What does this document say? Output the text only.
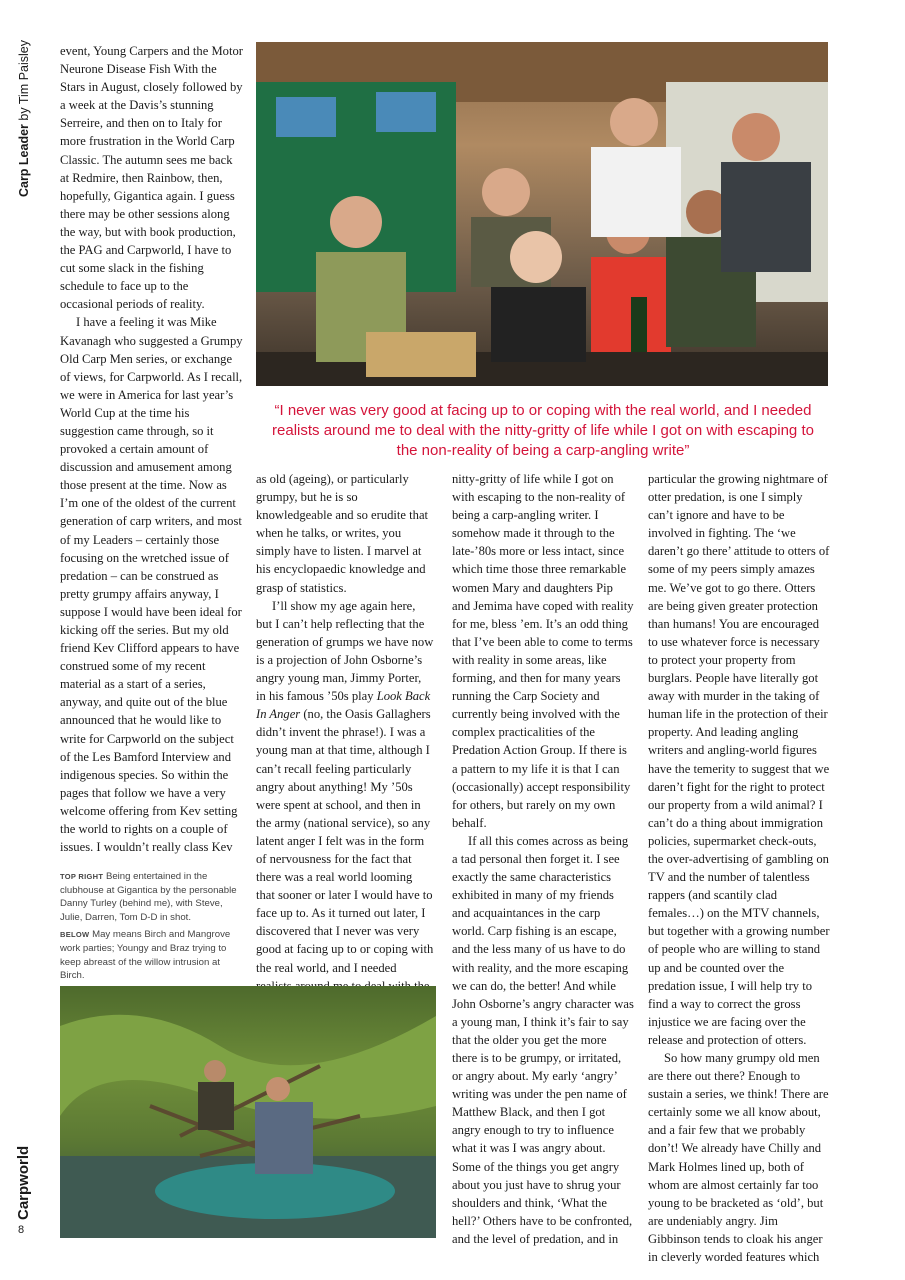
Carp Leader by Tim Paisley event, Young Carpers and the Motor Neurone Disease Fish With the Stars in August, closely followed by a week at the Davis’s stunning Serreire, and then on to Italy for more frustration in the World Carp Classic. The autumn sees me back at Redmire, then Rainbow, then, hopefully, Gigantica again. I guess there may be other sessions along the way, but with book production, the PAG and Carpworld, I have to cut some slack in the fishing schedule to face up to the occasional periods of reality.

I have a feeling it was Mike Kavanagh who suggested a Grumpy Old Carp Men series, or exchange of views, for Carpworld. As I recall, we were in America for last year’s World Cup at the time his suggestion came through, so it provoked a certain amount of discussion and amusement among those present at the time. Now as I’m one of the oldest of the current generation of carp writers, and most of my Leaders – certainly those focusing on the wretched issue of predation – can be construed as pretty grumpy affairs anyway, I suppose I would have been ideal for kicking off the series. But my old friend Kev Clifford appears to have construed some of my recent material as a start of a series, anyway, and quite out of the blue announced that he would like to write for Carpworld on the subject of the Les Bamford Interview and indigenous species. So within the pages that follow we have a very welcome offering from Kev setting the world to rights on a couple of issues. I wouldn’t really class Kev

“I never was very good at facing up to or coping with the real world, and I needed realists around me to deal with the nitty-gritty of life while I got on with escaping to the non-reality of being a carp-angling write”

as old (ageing), or particularly grumpy, but he is so knowledgeable and so erudite that when he talks, or writes, you simply have to listen. I marvel at his encyclopaedic knowledge and grasp of statistics.

I’ll show my age again here, but I can’t help reflecting that the generation of grumps we have now is a projection of John Osborne’s angry young man, Jimmy Porter, in his famous ’50s play Look Back In Anger (no, the Oasis Gallaghers didn’t invent the phrase!). I was a young man at that time, although I can’t recall feeling particularly angry about anything! My ’50s were spent at school, and then in the army (national service), so any latent anger I felt was in the form of nervousness for the fact that there was a real world looming that sooner or later I would have to face up to. As it turned out later, I discovered that I never was very good at facing up to or coping with the real world, and I needed

nitty-gritty of life while I got on with escaping to the non-reality of being a carp-angling writer. I somehow made it through to the late-’80s more or less intact, since which time those three remarkable women Mary and daughters Pip and Jemima have coped with reality for me, bless ’em. It’s an odd thing that I’ve been able to come to terms with reality in some areas, like forming, and then for many years running the Carp Society and currently being involved with the complex practicalities of the Predation Action Group. If there is a pattern to my life it is that I can (occasionally) accept responsibility for others, but rarely on my own behalf.

If all this comes across as being a tad personal then forget it. I see exactly the same characteristics exhibited in many of my friends and acquaintances in the carp world. Carp fishing is an escape, and the less many of us have to do with reality, and the more escaping we can do, the better! And while John Osborne’s angry character was a young man, I think it’s fair to say that the older you get the more there is to be grumpy, or irritated, or angry about. My early ‘angry’ writing was under the pen name of Matthew Black, and then I got angry enough to try to influence what it was I was angry about. Some of the things you get angry about you just have to shrug your shoulders and think, ‘What the hell?’ Others have to be confronted, and the level of predation, and in

particular the growing nightmare of otter predation, is one I simply can’t ignore and have to be involved in fighting. The ‘we daren’t go there’ attitude to otters of some of my peers simply amazes me. We’ve got to go there. Otters are being given greater protection than humans! You are encouraged to use whatever force is necessary to protect your property from burglars. People have literally got away with murder in the taking of human life in the protection of their property. And leading angling writers and angling-world figures have the temerity to suggest that we daren’t fight for the right to protect our property from a wild animal? I can’t do a thing about immigration policies, supermarket check-outs, the over-advertising of gambling on TV and the number of talentless rappers (and scantily clad females…) on the MTV channels, but together with a growing number of people who are willing to stand up and be counted over the predation issue, I will help try to find a way to correct the gross injustice we are facing over the release and protection of otters.

So how many grumpy old men are there out there? Enough to sustain a series, we think! There are certainly some we all know about, and a fair few that we probably don’t! We already have Chilly and Mark Holmes lined up, both of whom are almost certainly far too young to be bracketed as ‘old’, but are undeniably angry. Jim Gibbinson tends to cloak his anger in cleverly worded features which

TOP RIGHT Being entertained in the clubhouse at Gigantica by the personable Danny Turley (behind me), with Steve, Julie, Darren, Tom D-D in shot.

BELOW May means Birch and Mangrove work parties; Youngy and Braz trying to keep abreast of the willow intrusion at Birch.

Carpworld
8
